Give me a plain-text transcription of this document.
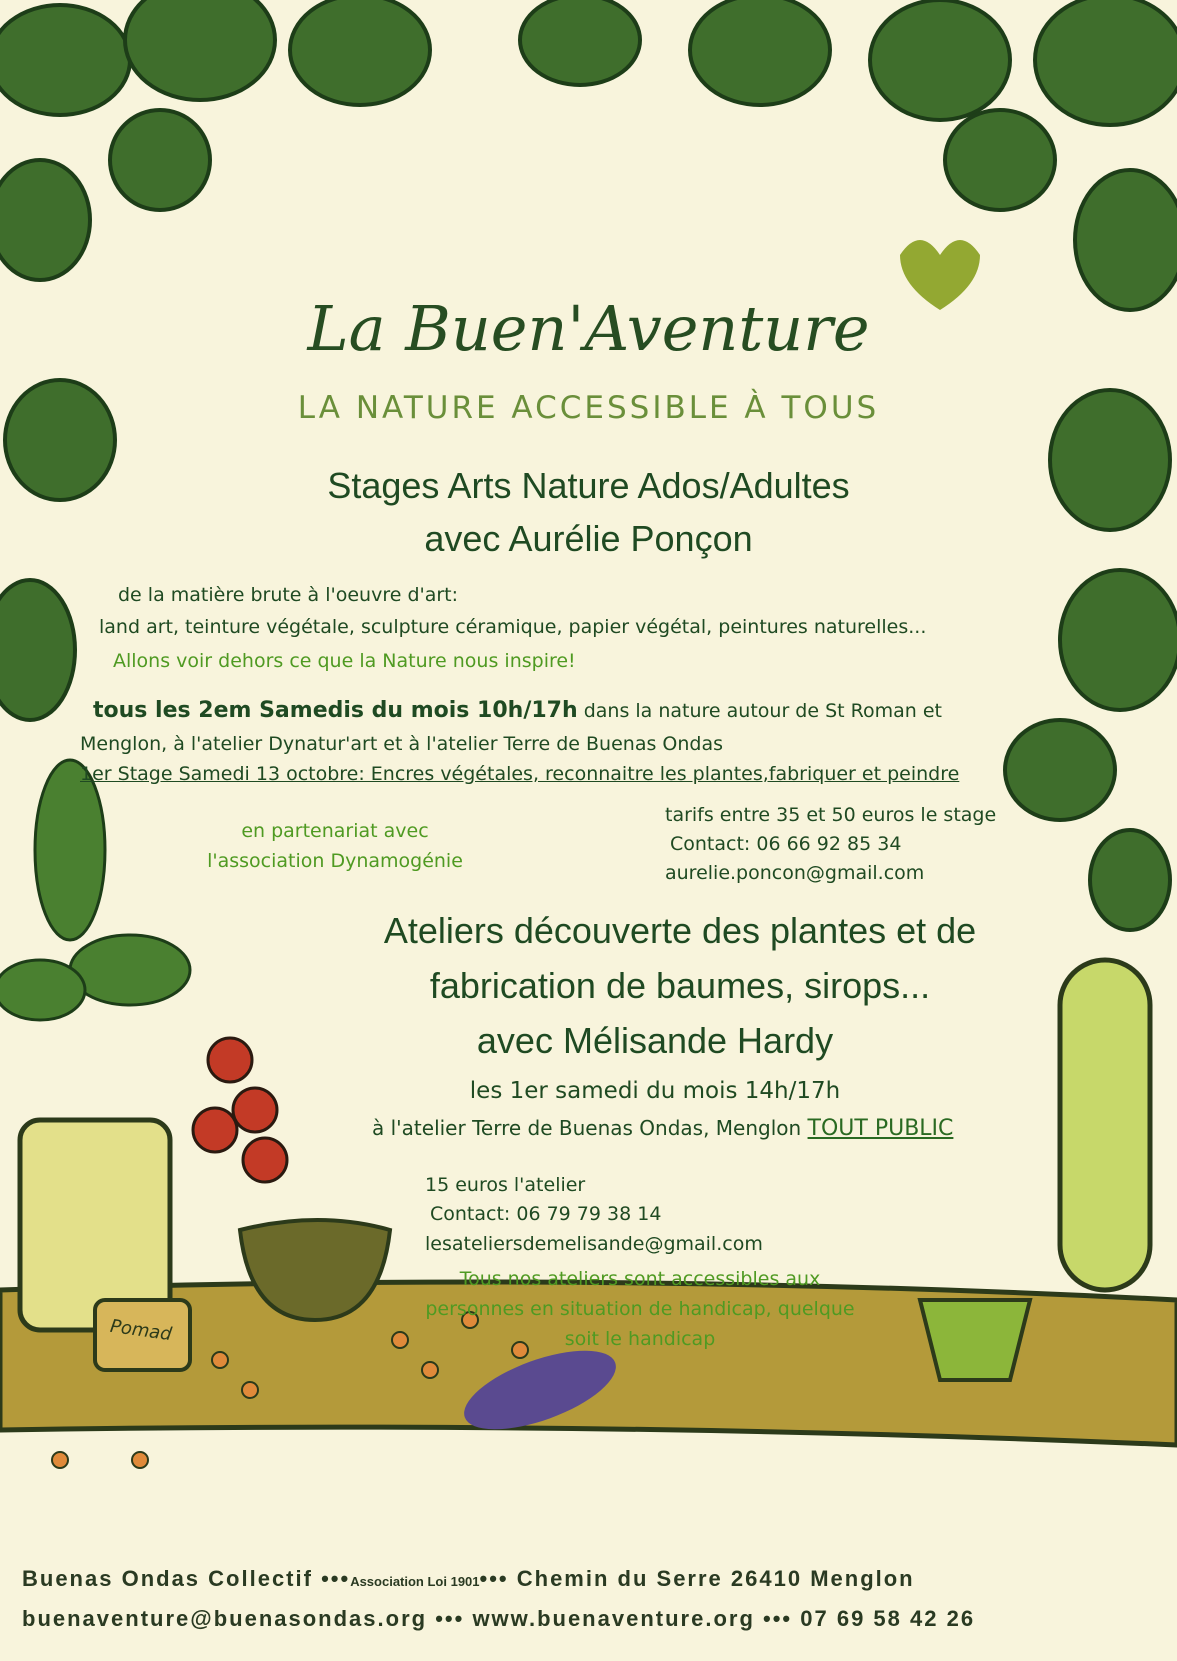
La Buen'Aventure
LA NATURE ACCESSIBLE À TOUS
Stages Arts Nature Ados/Adultes
avec Aurélie Ponçon
de la matière brute à l'oeuvre d'art:
land art, teinture végétale, sculpture céramique, papier végétal, peintures naturelles...
Allons voir dehors ce que la Nature nous inspire!
tous les 2em Samedis du mois 10h/17h dans la nature autour de St Roman et
Menglon, à l'atelier Dynatur'art et à l'atelier Terre de Buenas Ondas
1er Stage Samedi 13 octobre: Encres végétales, reconnaitre les plantes,fabriquer et peindre
en partenariat avec
l'association Dynamogénie
tarifs entre 35 et 50 euros le stage
Contact: 06 66 92 85 34
aurelie.poncon@gmail.com
Ateliers découverte des plantes et de
fabrication de baumes, sirops...
avec Mélisande Hardy
les 1er samedi du mois 14h/17h
à l'atelier Terre de Buenas Ondas, Menglon TOUT PUBLIC
15 euros l'atelier
Contact: 06 79 79 38 14
lesateliersdemelisande@gmail.com
Tous nos ateliers sont accessibles aux
personnes en situation de handicap, quelque
soit le handicap
Pomad
Buenas Ondas Collectif •••Association Loi 1901••• Chemin du Serre 26410 Menglon
buenaventure@buenasondas.org ••• www.buenaventure.org ••• 07 69 58 42 26
